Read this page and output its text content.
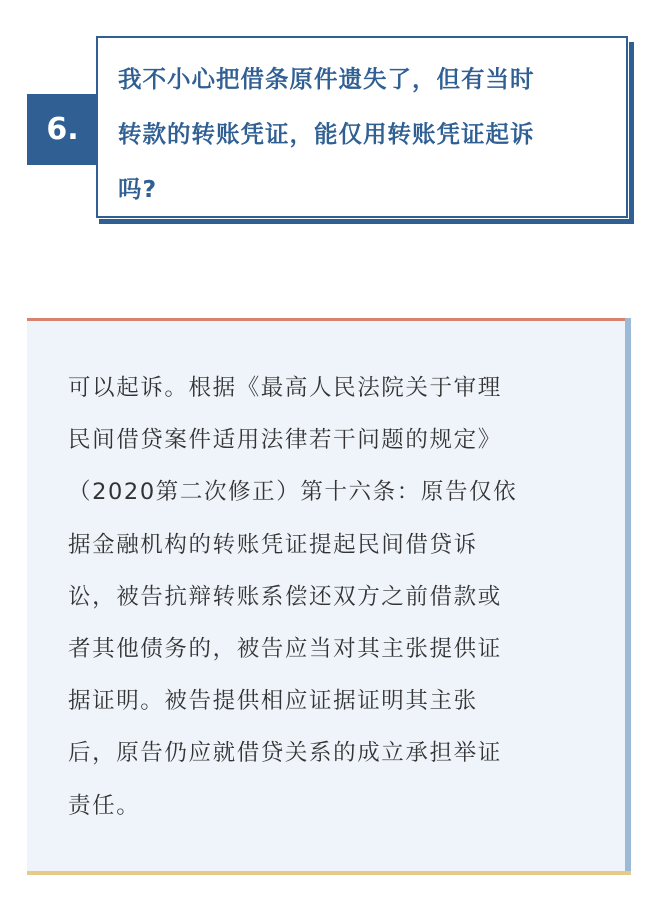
6.
我不小心把借条原件遗失了，但有当时
转款的转账凭证，能仅用转账凭证起诉
吗?
可以起诉。根据《最高人民法院关于审理
民间借贷案件适用法律若干问题的规定》
（2020第二次修正）第十六条：原告仅依
据金融机构的转账凭证提起民间借贷诉
讼，被告抗辩转账系偿还双方之前借款或
者其他债务的，被告应当对其主张提供证
据证明。被告提供相应证据证明其主张
后，原告仍应就借贷关系的成立承担举证
责任。
